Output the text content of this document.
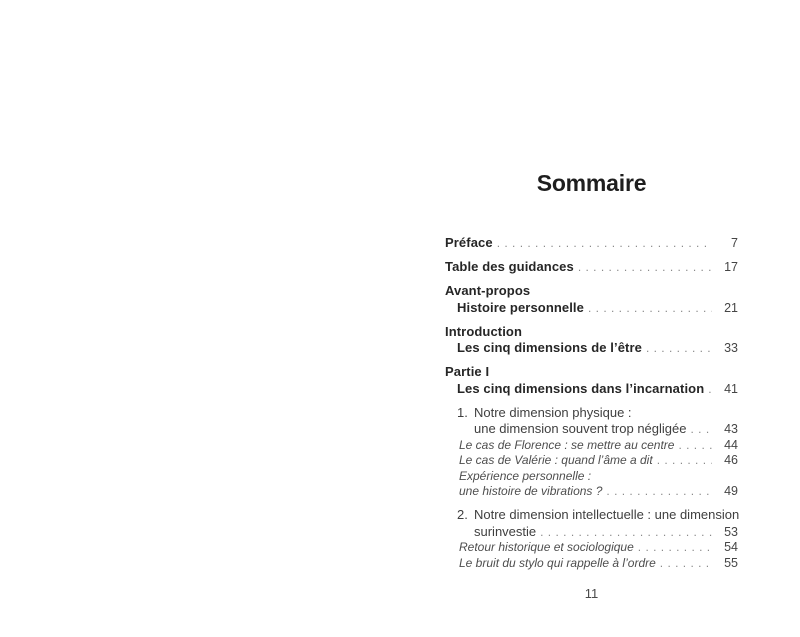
Sommaire
Préface . . .	7
Table des guidances . . .	17
Avant-propos
Histoire personnelle . . .	21
Introduction
Les cinq dimensions de l’être . . .	33
Partie I
Les cinq dimensions dans l’incarnation . . .	41
1. Notre dimension physique :
une dimension souvent trop négligée . . .	43
Le cas de Florence : se mettre au centre . . .	44
Le cas de Valérie : quand l’âme a dit . . .	46
Expérience personnelle :
une histoire de vibrations ? . . .	49
2. Notre dimension intellectuelle : une dimension
surinvestie . . .	53
Retour historique et sociologique . . .	54
Le bruit du stylo qui rappelle à l’ordre . . .	55
11
